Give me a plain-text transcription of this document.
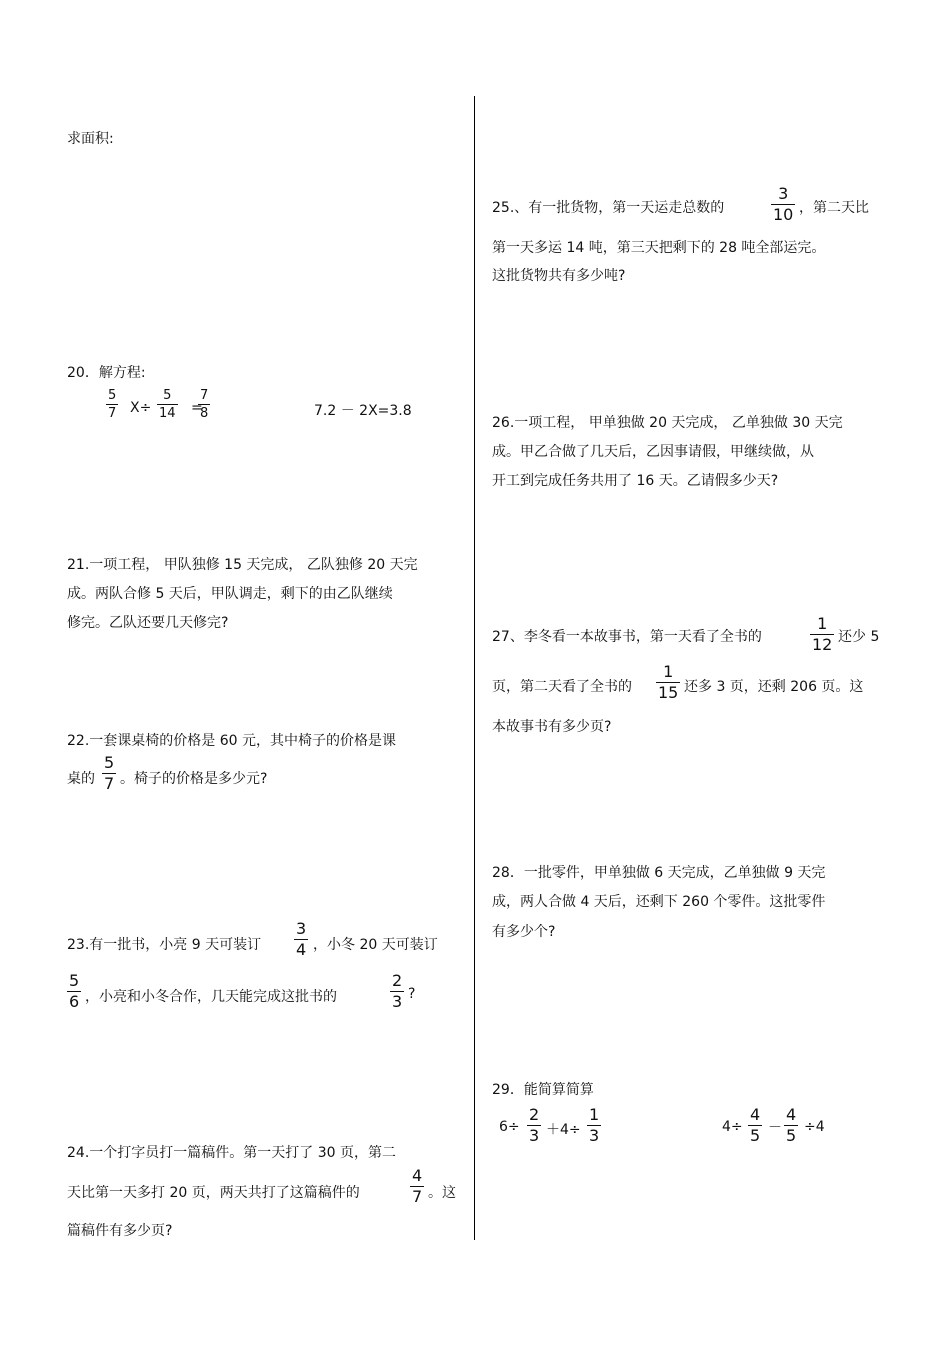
求面积:
20．解方程:
5
7 X÷
5
14 =
7
8	7.2 － 2X=3.8
21.一项工程， 甲队独修 15 天完成， 乙队独修 20 天完
成。两队合修 5 天后，甲队调走，剩下的由乙队继续
修完。乙队还要几天修完?
22.一套课桌椅的价格是 60 元，其中椅子的价格是课
桌的
5
7 。椅子的价格是多少元?
23.有一批书，小亮 9 天可装订
3
4 ，小冬 20 天可装订
5
6 ，小亮和小冬合作，几天能完成这批书的
2
3 ?
24.一个打字员打一篇稿件。第一天打了 30 页，第二
天比第一天多打 20 页，两天共打了这篇稿件的
4
7 。这
篇稿件有多少页?
25.、有一批货物，第一天运走总数的
3
10 ，第二天比
第一天多运 14 吨，第三天把剩下的 28 吨全部运完。
这批货物共有多少吨?
26.一项工程， 甲单独做 20 天完成， 乙单独做 30 天完
成。甲乙合做了几天后，乙因事请假，甲继续做，从
开工到完成任务共用了 16 天。乙请假多少天?
27、李冬看一本故事书，第一天看了全书的
1
12 还少 5
页，第二天看了全书的
1
15 还多 3 页，还剩 206 页。这
本故事书有多少页?
28．一批零件，甲单独做 6 天完成，乙单独做 9 天完
成，两人合做 4 天后，还剩下 260 个零件。这批零件
有多少个?
29．能简算简算
6÷
2
3 ＋4÷
1
3	4÷
4
5 －
4
5 ÷4
